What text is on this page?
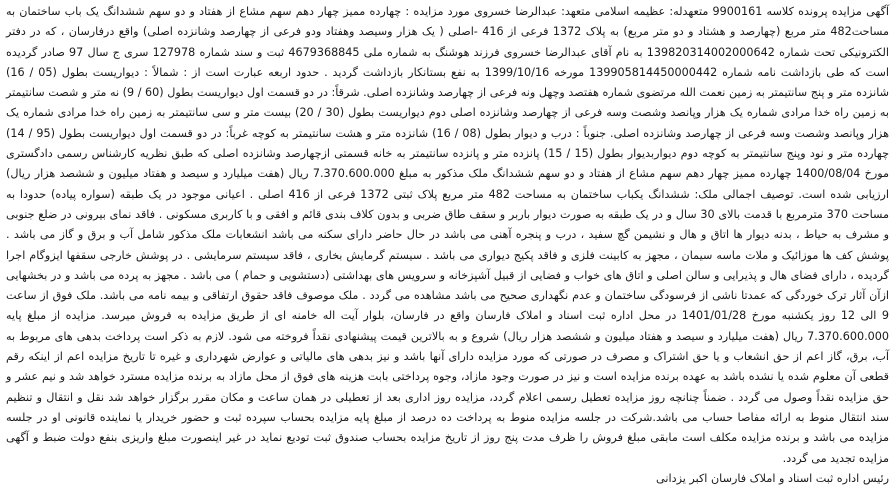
آگهی مزایده پرونده کلاسه 9900161 متعهدله: عظیمه اسلامی متعهد: عبدالرضا خسروی مورد مزایده : چهارده ممیز چهار دهم سهم مشاع از هفتاد و دو سهم ششدانگ یک باب ساختمان به مساحت482 متر مربع (چهارصد و هشتاد و دو متر مربع) به پلاک 1372 فرعی از 416 -اصلی ( یک هزار وسیصد وهفتاد ودو فرعی از چهارصد وشانزده اصلی) واقع درفارسان ، که در دفتر الکترونیکی تحت شماره 139820314002000642 به نام آقای عبدالرضا خسروی فرزند هوشنگ به شماره ملی 4679368845 ثبت و سند شماره 127978 سری ج سال 97 صادر گردیده است که طی بازداشت نامه شماره 139905814450000442 مورخه 1399/10/16 به نفع بستانکار بازداشت گردید . حدود اربعه عبارت است از : شمالاً : دیواریست بطول (05 / 16) شانزده متر و پنج سانتیمتر به زمین نعمت الله مرتضوی شماره هفتصد وچهل ونه فرعی از چهارصد وشانزده اصلی. شرقاً: در دو قسمت اول دیواریست بطول (60 / 9) نه متر و شصت سانتیمتر به زمین راه خدا مرادی شماره یک هزار وپانصد وشصت وسه فرعی از چهارصد وشانزده اصلی دوم دیواریست بطول (30 / 20) بیست متر و سی سانتیمتر به زمین راه خدا مرادی شماره یک هزار وپانصد وشصت وسه فرعی از چهارصد وشانزده اصلی. جنوباً : درب و دیوار بطول (08 / 16) شانزده متر و هشت سانتیمتر به کوچه غرباً: در دو قسمت اول دیواریست بطول (95 / 14) چهارده متر و نود وپنج سانتیمتر به کوچه دوم دیواربدیوار بطول (15 / 15) پانزده متر و پانزده سانتیمتر به خانه قسمتی ازچهارصد وشانزده اصلی که طبق نظریه کارشناس رسمی دادگستری مورخ 1400/08/04 چهارده ممیز چهار دهم سهم مشاع از هفتاد و دو سهم ششدانگ ملک مذکور به مبلغ 7.370.600.000 ریال (هفت میلیارد و سیصد و هفتاد میلیون و ششصد هزار ریال) ارزیابی شده است. توصیف اجمالی ملک: ششدانگ یکباب ساختمان به مساحت 482 متر مربع پلاک ثبتی 1372 فرعی از 416 اصلی . اعیانی موجود در یک طبقه (سواره پیاده) حدودا به مساحت 370 مترمربع با قدمت بالای 30 سال و در یک طبقه به صورت دیوار باربر و سقف طاق ضربی و بدون کلاف بندی قائم و افقی و با کاربری مسکونی . فاقد نمای بیرونی در ضلع جنوبی و مشرف به حیاط ، بدنه دیوار ها اتاق و هال و نشیمن گچ سفید ، درب و پنجره آهنی می باشد در حال حاضر دارای سکنه می باشد انشعابات ملک مذکور شامل آب و برق و گاز می باشد . پوشش کف ها موزائیک و ملات ماسه سیمان ، مجهز به کابینت فلزی و فاقد پکیج دیواری می باشد . سیستم گرمایش بخاری ، فاقد سیستم سرمایشی . در پوشش خارجی سقفها ایزوگام اجرا گردیده ، دارای فضای هال و پذیرایی و سالن اصلی و اتاق های خواب و فضایی از قبیل آشپزخانه و سرویس های بهداشتی (دستشویی و حمام ) می باشد . مجهز به پرده می باشد و در بخشهایی ازآن آثار ترک خوردگی که عمدتا ناشی از فرسودگی ساختمان و عدم نگهداری صحیح می باشد مشاهده می گردد . ملک موصوف فاقد حقوق ارتفاقی و بیمه نامه می باشد. ملک فوق از ساعت 9 الی 12 روز یکشنبه مورخ 1401/01/28 در محل اداره ثبت اسناد و املاک فارسان واقع در فارسان، بلوار آیت اله خامنه ای از طریق مزایده به فروش میرسد. مزایده از مبلغ پایه 7.370.600.000 ریال (هفت میلیارد و سیصد و هفتاد میلیون و ششصد هزار ریال) شروع و به بالاترین قیمت پیشنهادی نقداً فروخته می شود. لازم به ذکر است پرداخت بدهی های مربوط به آب، برق، گاز اعم از حق انشعاب و یا حق اشتراک و مصرف در صورتی که مورد مزایده دارای آنها باشد و نیز بدهی های مالیاتی و عوارض شهرداری و غیره تا تاریخ مزایده اعم از اینکه رقم قطعی آن معلوم شده یا نشده باشد به عهده برنده مزایده است و نیز در صورت وجود مازاد، وجوه پرداختی بابت هزینه های فوق از محل مازاد به برنده مزایده مسترد خواهد شد و نیم عشر و حق مزایده نقداً وصول می گردد . ضمناً چنانچه روز مزایده تعطیل رسمی اعلام گردد، مزایده روز اداری بعد از تعطیلی در همان ساعت و مکان مقرر برگزار خواهد شد نقل و انتقال و تنظیم سند انتقال منوط به ارائه مفاصا حساب می باشد.شرکت در جلسه مزایده منوط به پرداخت ده درصد از مبلغ پایه مزایده بحساب سپرده ثبت و حضور خریدار یا نماینده قانونی او در جلسه مزایده می باشد و برنده مزایده مکلف است مابقی مبلغ فروش را ظرف مدت پنج روز از تاریخ مزایده بحساب صندوق ثبت تودیع نماید در غیر اینصورت مبلغ واریزی بنفع دولت ضبط و آگهی مزایده تجدید می گردد.

رئیس اداره ثبت اسناد و املاک فارسان اکبر یزدانی
